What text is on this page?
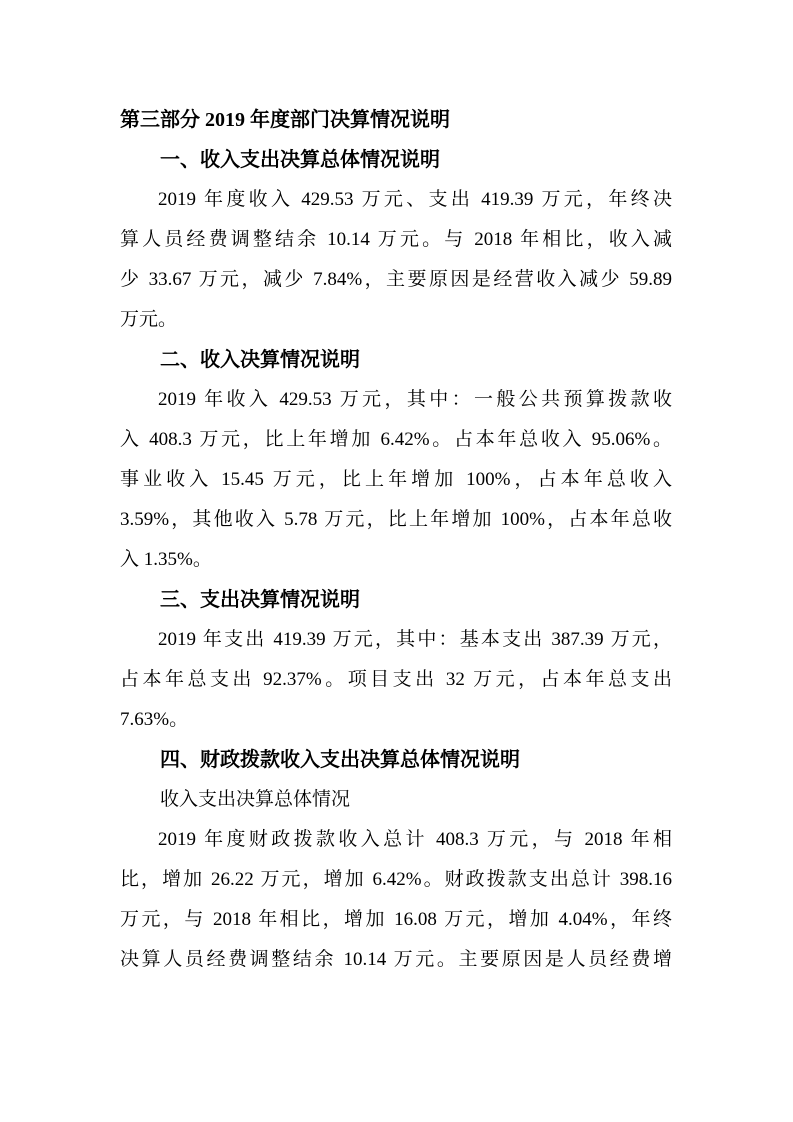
第三部分 2019 年度部门决算情况说明
一、收入支出决算总体情况说明
2019 年度收入 429.53 万元、支出 419.39 万元，年终决
算人员经费调整结余 10.14 万元。与 2018 年相比，收入减
少 33.67 万元，减少 7.84%，主要原因是经营收入减少 59.89
万元。
二、收入决算情况说明
2019 年收入 429.53 万元，其中：一般公共预算拨款收
入 408.3 万元，比上年增加 6.42%。占本年总收入 95.06%。
事业收入 15.45 万元，比上年增加 100%，占本年总收入
3.59%，其他收入 5.78 万元，比上年增加 100%，占本年总收
入 1.35%。
三、支出决算情况说明
2019 年支出 419.39 万元，其中：基本支出 387.39 万元，
占本年总支出 92.37%。项目支出 32 万元，占本年总支出
7.63%。
四、财政拨款收入支出决算总体情况说明
收入支出决算总体情况
2019 年度财政拨款收入总计 408.3 万元，与 2018 年相
比，增加 26.22 万元，增加 6.42%。财政拨款支出总计 398.16
万元，与 2018 年相比，增加 16.08 万元，增加 4.04%，年终
决算人员经费调整结余 10.14 万元。主要原因是人员经费增
